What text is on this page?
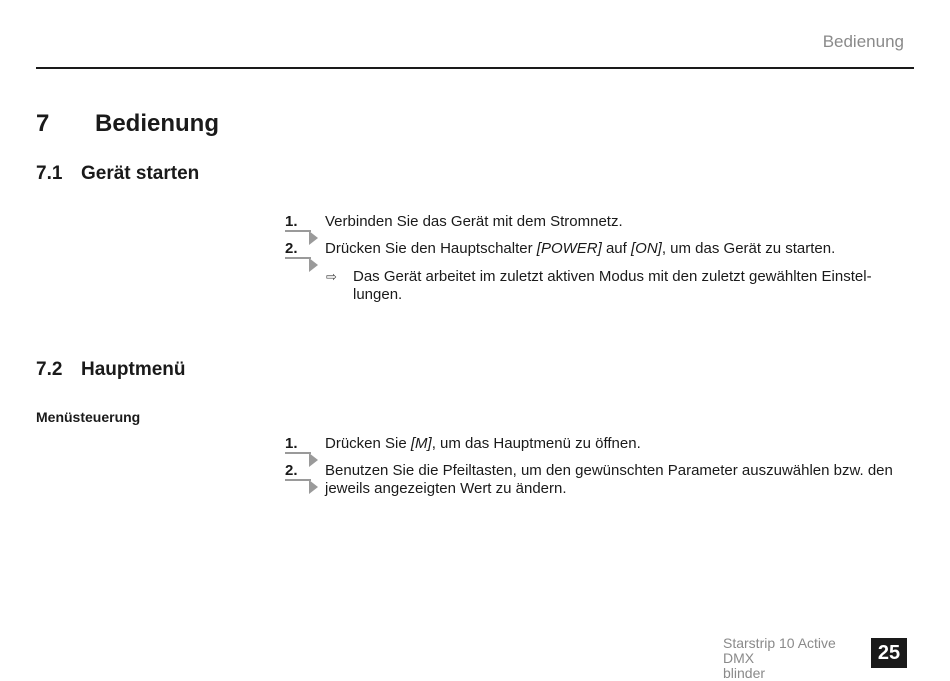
Bedienung
7 Bedienung
7.1 Gerät starten
1. Verbinden Sie das Gerät mit dem Stromnetz.
2. Drücken Sie den Hauptschalter [POWER] auf [ON], um das Gerät zu starten.
⇨ Das Gerät arbeitet im zuletzt aktiven Modus mit den zuletzt gewählten Einstel-
lungen.
7.2 Hauptmenü
Menüsteuerung
1. Drücken Sie [M], um das Hauptmenü zu öffnen.
2. Benutzen Sie die Pfeiltasten, um den gewünschten Parameter auszuwählen bzw. den jeweils angezeigten Wert zu ändern.
Starstrip 10 Active DMX
blinder
25
